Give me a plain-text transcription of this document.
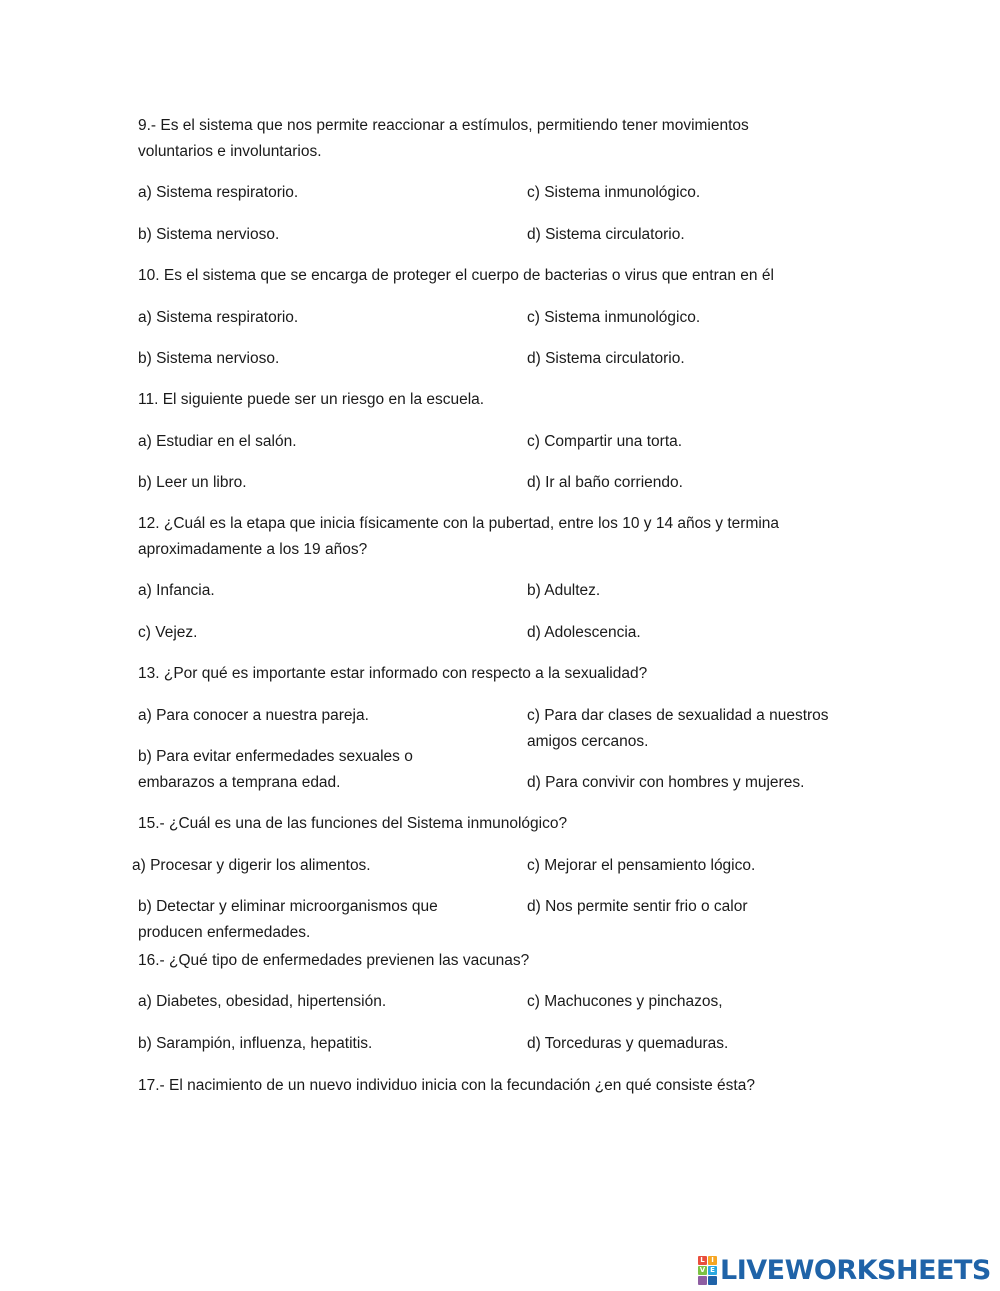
9.- Es el sistema que nos permite reaccionar a estímulos, permitiendo tener movimientos
voluntarios e involuntarios.
a) Sistema respiratorio.	c) Sistema inmunológico.
b) Sistema nervioso.	d) Sistema circulatorio.
10. Es el sistema que se encarga de proteger el cuerpo de bacterias o virus que entran en él
a) Sistema respiratorio.	c) Sistema inmunológico.
b) Sistema nervioso.	d) Sistema circulatorio.
11. El siguiente puede ser un riesgo en la escuela.
a) Estudiar en el salón.	c) Compartir una torta.
b) Leer un libro.	d) Ir al baño corriendo.
12. ¿Cuál es la etapa que inicia físicamente con la pubertad, entre los 10 y 14 años y termina
aproximadamente a los 19 años?
a) Infancia.	b) Adultez.
c) Vejez.	d) Adolescencia.
13. ¿Por qué es importante estar informado con respecto a la sexualidad?
a) Para conocer a nuestra pareja.	c) Para dar clases de sexualidad a nuestros
amigos cercanos.
b) Para evitar enfermedades sexuales o
embarazos a temprana edad.	d) Para convivir con hombres y mujeres.
15.- ¿Cuál es una de las funciones del Sistema inmunológico?
a) Procesar y digerir los alimentos.	c) Mejorar el pensamiento lógico.
b) Detectar y eliminar microorganismos que	d) Nos permite sentir frio o calor
producen enfermedades.
16.- ¿Qué tipo de enfermedades previenen las vacunas?
a) Diabetes, obesidad, hipertensión.	c) Machucones y pinchazos,
b) Sarampión, influenza, hepatitis.	d) Torceduras y quemaduras.
17.- El nacimiento de un nuevo individuo inicia con la fecundación ¿en qué consiste ésta?
L I
V E LIVEWORKSHEETS
